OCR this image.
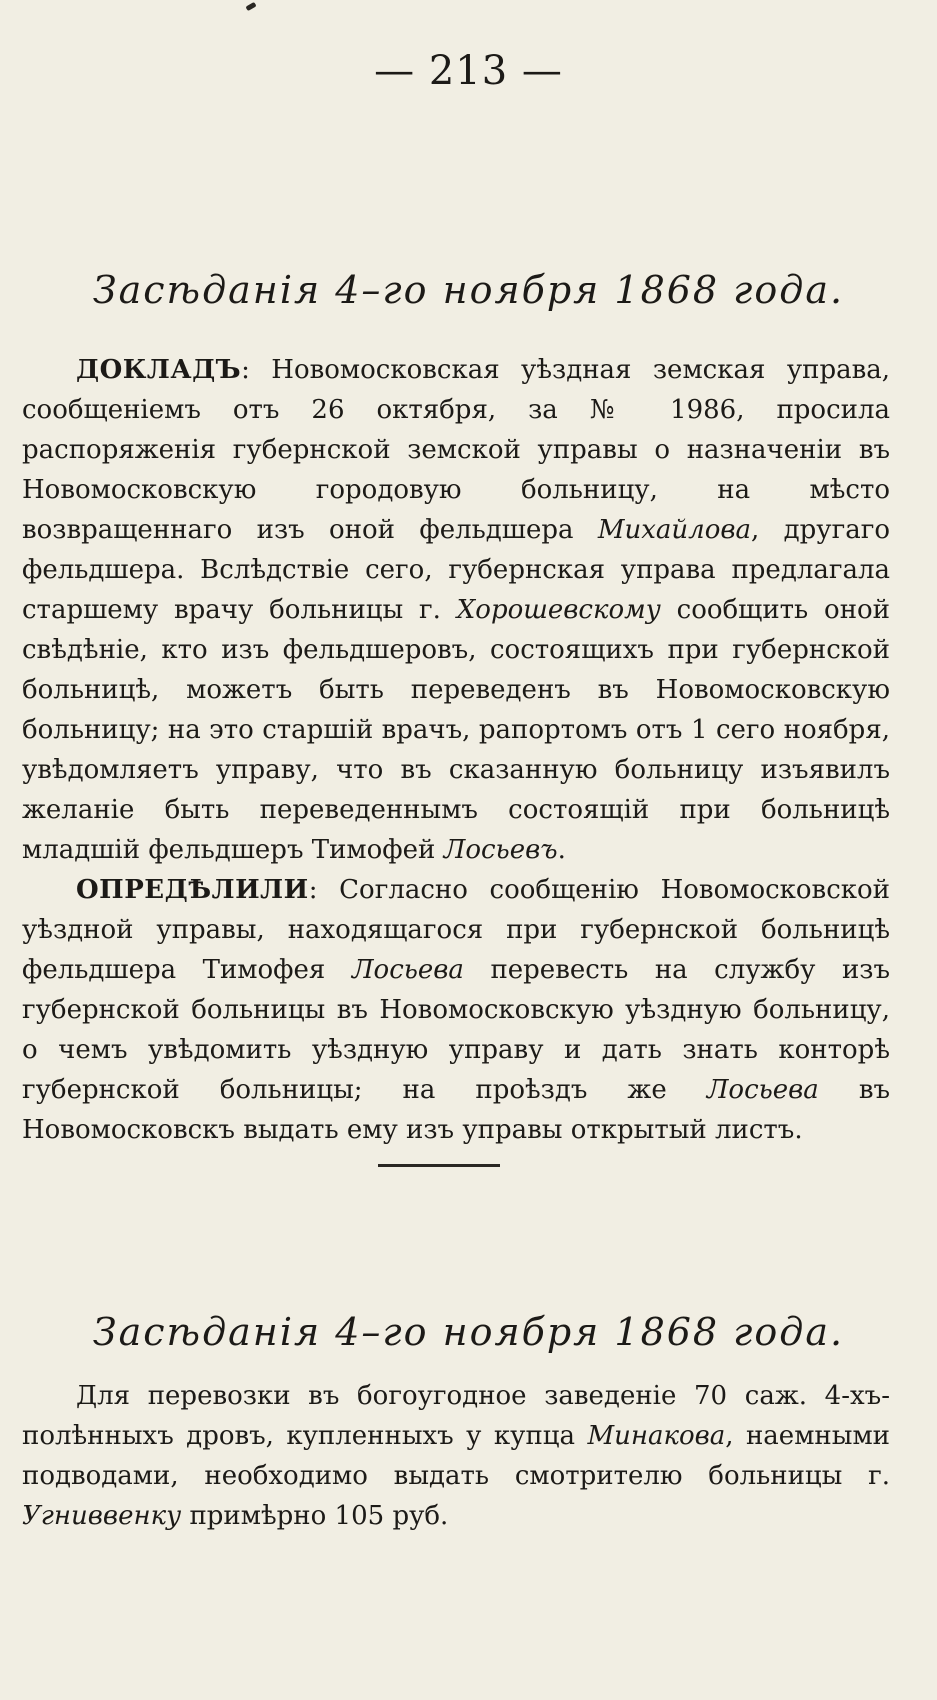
— 213 —
Засѣданія 4–го ноября 1868 года.

ДОКЛАДЪ: Новомосковская уѣздная земская управа, сообщеніемъ отъ 26 октября, за № 1986, просила распоряженія губернской земской управы о назначеніи въ Новомосковскую городовую больницу, на мѣсто возвращеннаго изъ оной фельдшера Михайлова, другаго фельдшера. Вслѣдствіе сего, губернская управа предлагала старшему врачу больницы г. Хорошевскому сообщить оной свѣдѣніе, кто изъ фельдшеровъ, состоящихъ при губернской больницѣ, можетъ быть переведенъ въ Новомосковскую больницу; на это старшій врачъ, рапортомъ отъ 1 сего ноября, увѣдомляетъ управу, что въ сказанную больницу изъявилъ желаніе быть переведеннымъ состоящій при больницѣ младшій фельдшеръ Тимофей Лосьевъ.

ОПРЕДѢЛИЛИ: Согласно сообщенію Новомосковской уѣздной управы, находящагося при губернской больницѣ фельдшера Тимофея Лосьева перевесть на службу изъ губернской больницы въ Новомосковскую уѣздную больницу, о чемъ увѣдомить уѣздную управу и дать знать конторѣ губернской больницы; на проѣздъ же Лосьева въ Новомосковскъ выдать ему изъ управы открытый листъ.

Засѣданія 4–го ноября 1868 года.

Для перевозки въ богоугодное заведеніе 70 саж. 4-хъ-полѣнныхъ дровъ, купленныхъ у купца Минакова, наемными подводами, необходимо выдать смотрителю больницы г. Угниввенку примѣрно 105 руб.
